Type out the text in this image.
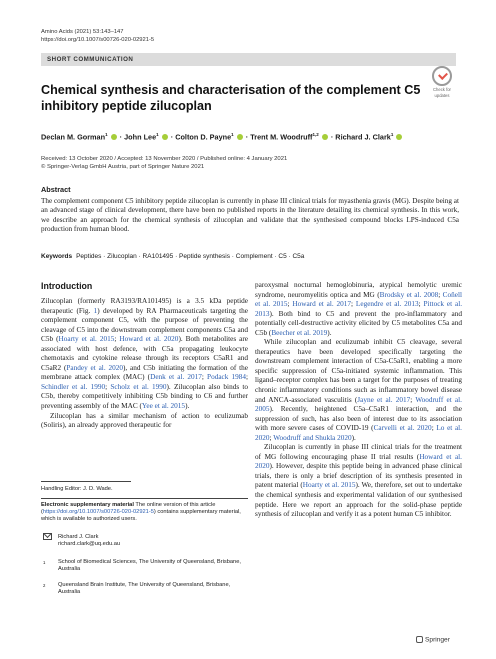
Amino Acids (2021) 53:143–147
https://doi.org/10.1007/s00726-020-02921-5
SHORT COMMUNICATION
Check for
updates
Chemical synthesis and characterisation of the complement C5 inhibitory peptide zilucoplan
Declan M. Gorman$^1$  · John Lee$^1$  · Colton D. Payne$^1$  · Trent M. Woodruff$^{1,2}$  · Richard J. Clark$^1$
Received: 13 October 2020 / Accepted: 13 November 2020 / Published online: 4 January 2021
© Springer-Verlag GmbH Austria, part of Springer Nature 2021
Abstract
The complement component C5 inhibitory peptide zilucoplan is currently in phase III clinical trials for myasthenia gravis (MG). Despite being at an advanced stage of clinical development, there have been no published reports in the literature detailing its chemical synthesis. In this work, we describe an approach for the chemical synthesis of zilucoplan and validate that the synthesised compound blocks LPS-induced C5a production from human blood.
Keywords Peptides · Zilucoplan · RA101495 · Peptide synthesis · Complement · C5 · C5a
Introduction

Zilucoplan (formerly RA3193/RA101495) is a 3.5 kDa peptide therapeutic (Fig. 1) developed by RA Pharmaceuticals targeting the complement component C5, with the purpose of preventing the cleavage of C5 into the downstream complement components C5a and C5b (Hoarty et al. 2015; Howard et al. 2020). Both metabolites are associated with host defence, with C5a propagating leukocyte chemotaxis and cytokine release through its receptors C5aR1 and C5aR2 (Pandey et al. 2020), and C5b initiating the formation of the membrane attack complex (MAC) (Denk et al. 2017; Podack 1984; Schindler et al. 1990; Scholz et al. 1990). Zilucoplan also binds to C5b, thereby competitively inhibiting C5b binding to C6 and further preventing assembly of the MAC (Yee et al. 2015).

Zilucoplan has a similar mechanism of action to eculizumab (Soliris), an already approved therapeutic for

paroxysmal nocturnal hemoglobinuria, atypical hemolytic uremic syndrome, neuromyelitis optica and MG (Brodsky et al. 2008; Coñell et al. 2015; Howard et al. 2017; Legendre et al. 2013; Pittock et al. 2013). Both bind to C5 and prevent the pro-inflammatory and potentially cell-destructive activity elicited by C5 metabolites C5a and C5b (Beecher et al. 2019).

While zilucoplan and eculizumab inhibit C5 cleavage, several therapeutics have been developed specifically targeting the downstream complement interaction of C5a-C5aR1, enabling a more specific suppression of C5a-initiated systemic inflammation. This ligand–receptor complex has been a target for the purposes of treating chronic inflammatory conditions such as inflammatory bowel disease and ANCA-associated vasculitis (Jayne et al. 2017; Woodruff et al. 2005). Recently, heightened C5a–C5aR1 interaction, and the suppression of such, has also been of interest due to its association with more severe cases of COVID-19 (Carvelli et al. 2020; Lo et al. 2020; Woodruff and Shukla 2020).

Zilucoplan is currently in phase III clinical trials for the treatment of MG following encouraging phase II trial results (Howard et al. 2020). However, despite this peptide being in advanced phase clinical trials, there is only a brief description of its synthesis presented in patent material (Hoarty et al. 2015). We, therefore, set out to undertake the chemical synthesis and experimental validation of our synthesised peptide. Here we report an approach for the solid-phase peptide synthesis of zilucoplan and verify it as a potent human C5 inhibitor.

Handling Editor: J. D. Wade.
Electronic supplementary material The online version of this article (https://doi.org/10.1007/s00726-020-02921-5) contains supplementary material, which is available to authorized users.
Richard J. Clark
richard.clark@uq.edu.au
1 School of Biomedical Sciences, The University of Queensland, Brisbane, Australia
2 Queensland Brain Institute, The University of Queensland, Brisbane, Australia
Springer
